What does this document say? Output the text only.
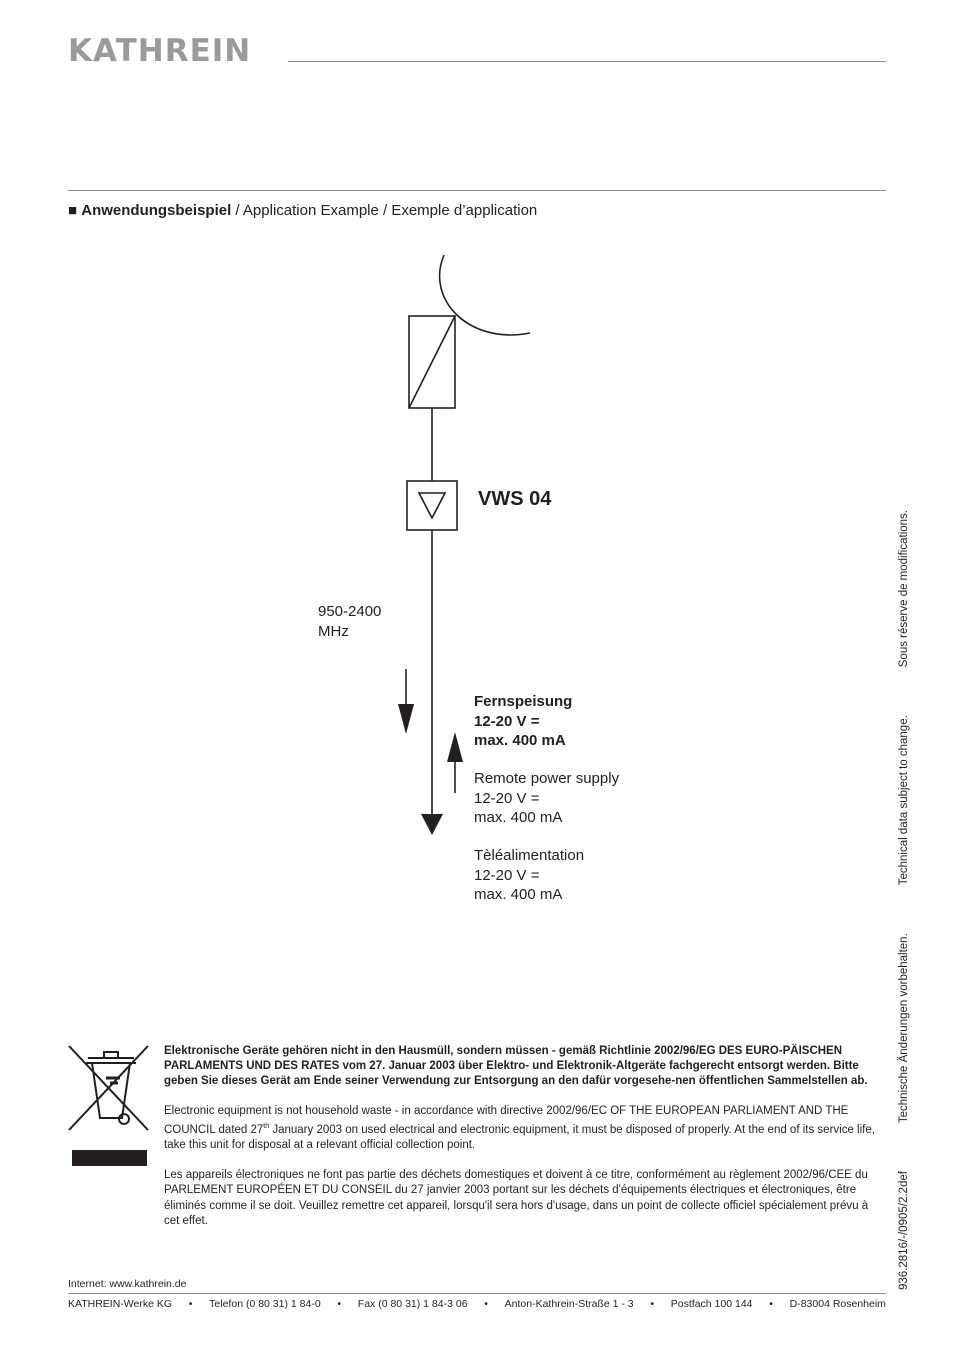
KATHREIN
■ Anwendungsbeispiel / Application Example / Exemple d’application
VWS 04
950-2400
MHz
Fernspeisung
12-20 V =
max. 400 mA
Remote power supply
12-20 V =
max. 400 mA
Tèléalimentation
12-20 V =
max. 400 mA

Elektronische Geräte gehören nicht in den Hausmüll, sondern müssen - gemäß Richtlinie 2002/96/EG DES EURO-PÄISCHEN PARLAMENTS UND DES RATES vom 27. Januar 2003 über Elektro- und Elektronik-Altgeräte fachgerecht entsorgt werden. Bitte geben Sie dieses Gerät am Ende seiner Verwendung zur Entsorgung an den dafür vorgesehe-nen öffentlichen Sammelstellen ab.

Electronic equipment is not household waste - in accordance with directive 2002/96/EC OF THE EUROPEAN PARLIAMENT AND THE COUNCIL dated 27th January 2003 on used electrical and electronic equipment, it must be disposed of properly. At the end of its service life, take this unit for disposal at a relevant official collection point.

Les appareils électroniques ne font pas partie des déchets domestiques et doivent à ce titre, conformément au règlement 2002/96/CEE du PARLEMENT EUROPÉEN ET DU CONSEIL du 27 janvier 2003 portant sur les déchets d'équipements électriques et électroniques, être éliminés comme il se doit. Veuillez remettre cet appareil, lorsqu'il sera hors d'usage, dans un point de collecte officiel spécialement prévu à cet effet.	936.2816/-/0905/2.2def
Technische Änderungen vorbehalten.
Technical data subject to change.
Sous réserve de modifications.
Internet: www.kathrein.de
KATHREIN-Werke KG • Telefon (0 80 31) 1 84-0 • Fax (0 80 31) 1 84-3 06 • Anton-Kathrein-Straße 1 - 3 • Postfach 100 144 • D-83004 Rosenheim
